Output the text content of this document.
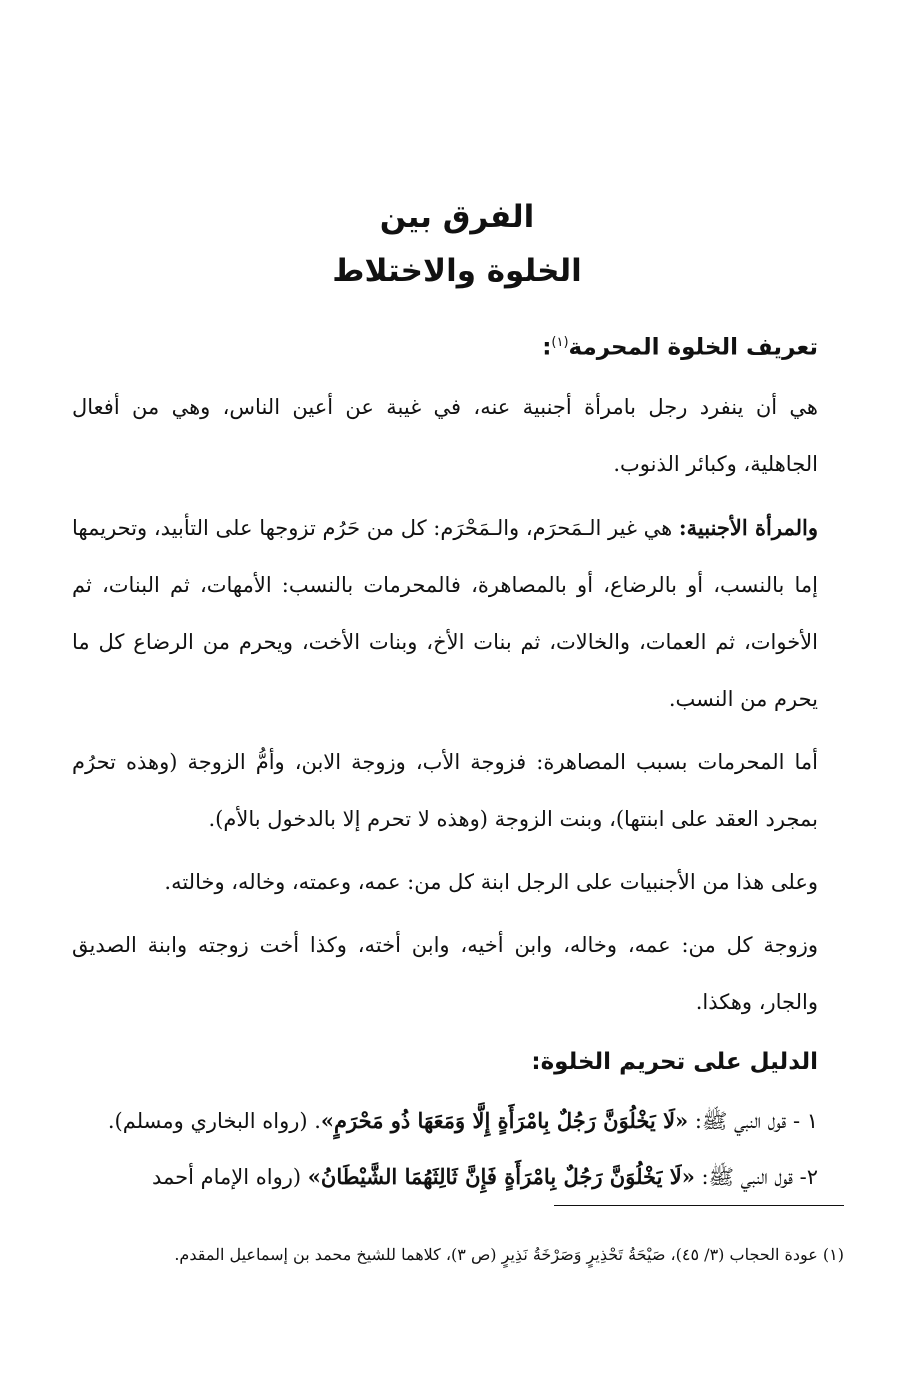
الفرق بين

الخلوة والاختلاط

تعريف الخلوة المحرمة$^{(١)}$:

هي أن ينفرد رجل بامرأة أجنبية عنه، في غيبة عن أعين الناس، وهي من أفعال الجاهلية، وكبائر الذنوب.

والمرأة الأجنبية: هي غير الـمَحرَم، والـمَحْرَم: كل من حَرُم تزوجها على التأبيد، وتحريمها إما بالنسب، أو بالرضاع، أو بالمصاهرة، فالمحرمات بالنسب: الأمهات، ثم البنات، ثم الأخوات، ثم العمات، والخالات، ثم بنات الأخ، وبنات الأخت، ويحرم من الرضاع كل ما يحرم من النسب.

أما المحرمات بسبب المصاهرة: فزوجة الأب، وزوجة الابن، وأمُّ الزوجة (وهذه تحرُم بمجرد العقد على ابنتها)، وبنت الزوجة (وهذه لا تحرم إلا بالدخول بالأم).

وعلى هذا من الأجنبيات على الرجل ابنة كل من: عمه، وعمته، وخاله، وخالته.

وزوجة كل من: عمه، وخاله، وابن أخيه، وابن أخته، وكذا أخت زوجته وابنة الصديق والجار، وهكذا.

الدليل على تحريم الخلوة:

١ - قول النبي ﷺ: «لَا يَخْلُوَنَّ رَجُلٌ بِامْرَأَةٍ إِلَّا وَمَعَهَا ذُو مَحْرَمٍ». (رواه البخاري ومسلم).

٢- قول النبي ﷺ: «لَا يَخْلُوَنَّ رَجُلٌ بِامْرَأَةٍ فَإِنَّ ثَالِثَهُمَا الشَّيْطَانُ» (رواه الإمام أحمد

(١) عودة الحجاب (٣/ ٤٥)، صَيْحَةُ تَحْذِيرٍ وَصَرْخَةُ نَذِيرٍ (ص ٣)، كلاهما للشيخ محمد بن إسماعيل المقدم.
